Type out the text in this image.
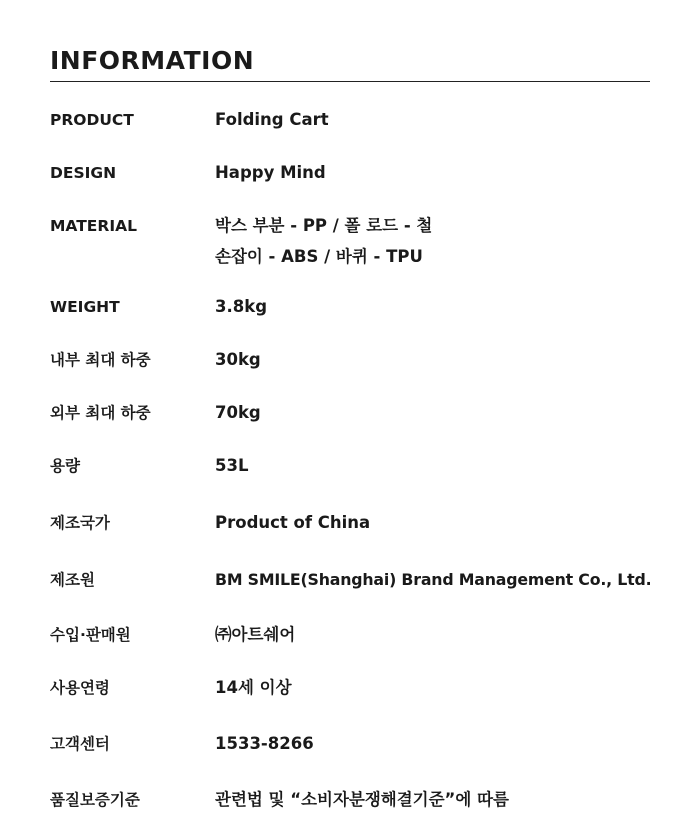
INFORMATION
PRODUCT	Folding Cart
DESIGN	Happy Mind
MATERIAL	박스 부분 - PP / 폴 로드 - 철
손잡이 - ABS / 바퀴 - TPU
WEIGHT	3.8kg
내부 최대 하중	30kg
외부 최대 하중	70kg
용량	53L
제조국가	Product of China
제조원	BM SMILE(Shanghai) Brand Management Co., Ltd.
수입·판매원	㈜아트쉐어
사용연령	14세 이상
고객센터	1533-8266
품질보증기준	관련법 및 “소비자분쟁해결기준”에 따름
